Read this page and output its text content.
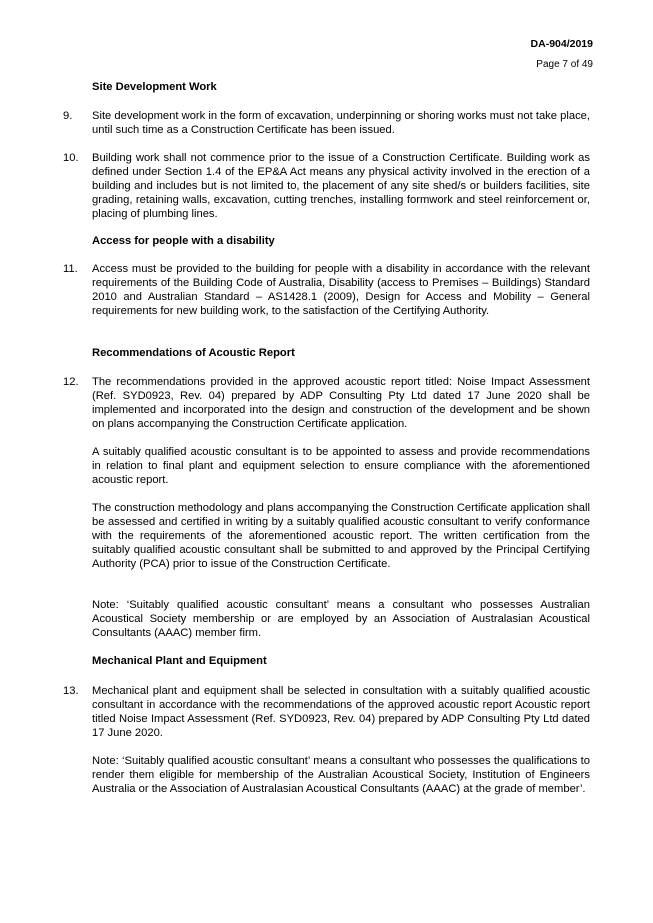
DA-904/2019
Page 7 of 49
Site Development Work
9. Site development work in the form of excavation, underpinning or shoring works must not take place, until such time as a Construction Certificate has been issued.
10. Building work shall not commence prior to the issue of a Construction Certificate. Building work as defined under Section 1.4 of the EP&A Act means any physical activity involved in the erection of a building and includes but is not limited to, the placement of any site shed/s or builders facilities, site grading, retaining walls, excavation, cutting trenches, installing formwork and steel reinforcement or, placing of plumbing lines.
Access for people with a disability
11. Access must be provided to the building for people with a disability in accordance with the relevant requirements of the Building Code of Australia, Disability (access to Premises – Buildings) Standard 2010 and Australian Standard – AS1428.1 (2009), Design for Access and Mobility – General requirements for new building work, to the satisfaction of the Certifying Authority.
Recommendations of Acoustic Report
12. The recommendations provided in the approved acoustic report titled: Noise Impact Assessment (Ref. SYD0923, Rev. 04) prepared by ADP Consulting Pty Ltd dated 17 June 2020 shall be implemented and incorporated into the design and construction of the development and be shown on plans accompanying the Construction Certificate application.
A suitably qualified acoustic consultant is to be appointed to assess and provide recommendations in relation to final plant and equipment selection to ensure compliance with the aforementioned acoustic report.
The construction methodology and plans accompanying the Construction Certificate application shall be assessed and certified in writing by a suitably qualified acoustic consultant to verify conformance with the requirements of the aforementioned acoustic report. The written certification from the suitably qualified acoustic consultant shall be submitted to and approved by the Principal Certifying Authority (PCA) prior to issue of the Construction Certificate.
Note: ‘Suitably qualified acoustic consultant’ means a consultant who possesses Australian Acoustical Society membership or are employed by an Association of Australasian Acoustical Consultants (AAAC) member firm.
Mechanical Plant and Equipment
13. Mechanical plant and equipment shall be selected in consultation with a suitably qualified acoustic consultant in accordance with the recommendations of the approved acoustic report Acoustic report titled Noise Impact Assessment (Ref. SYD0923, Rev. 04) prepared by ADP Consulting Pty Ltd dated 17 June 2020.
Note: ‘Suitably qualified acoustic consultant’ means a consultant who possesses the qualifications to render them eligible for membership of the Australian Acoustical Society, Institution of Engineers Australia or the Association of Australasian Acoustical Consultants (AAAC) at the grade of member’.
